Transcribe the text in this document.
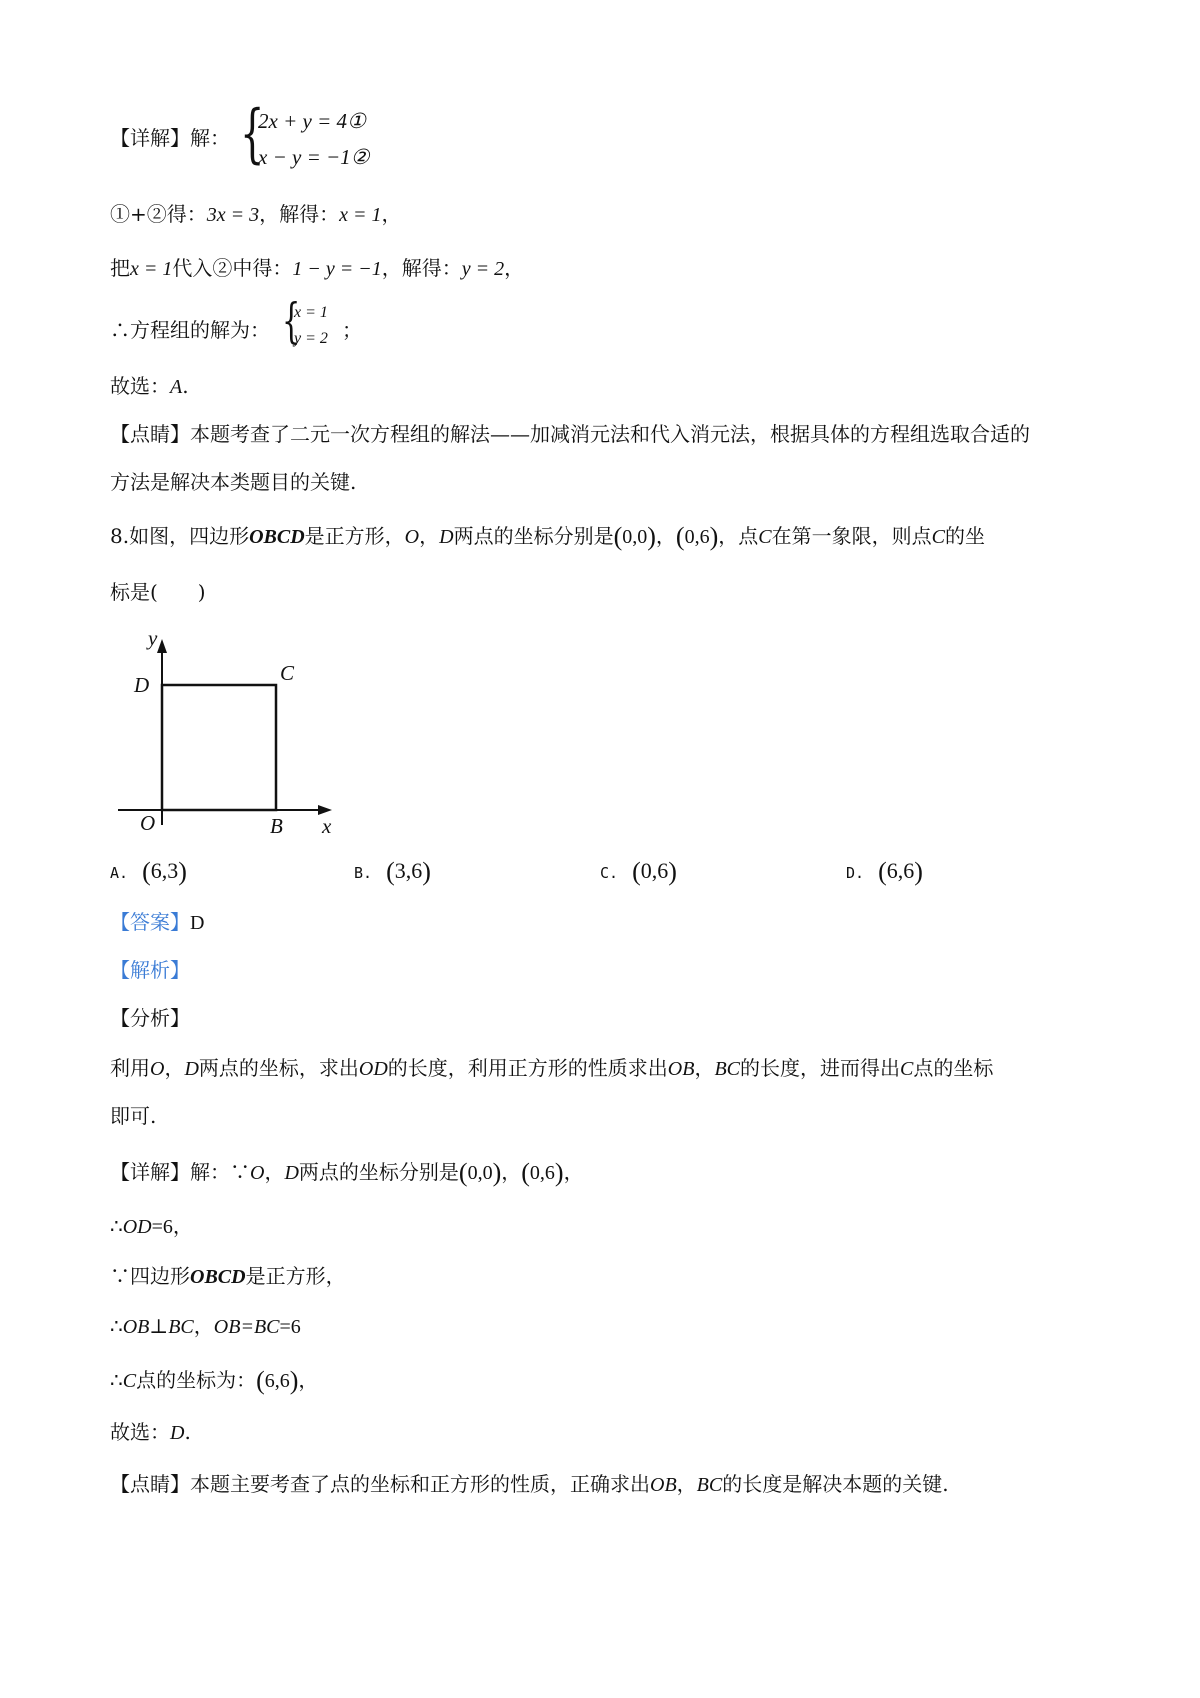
【详解】解： {
2x + y = 4①
x − y = −1②
①+②得：3x = 3，解得：x = 1，
把x = 1代入②中得：1 − y = −1，解得：y = 2，
∴方程组的解为： {
x = 1
y = 2 ；
故选：A.
【点睛】本题考查了二元一次方程组的解法——加减消元法和代入消元法，根据具体的方程组选取合适的
方法是解决本类题目的关键.
8.如图，四边形OBCD是正方形，O，D两点的坐标分别是(0,0)，(0,6)，点C在第一象限，则点C的坐
标是(　　)
y
D	C
O	B x
A. (6,3)	B. (3,6)	C. (0,6)	D. (6,6)
【答案】D
【解析】
【分析】
利用O，D两点的坐标，求出OD的长度，利用正方形的性质求出OB，BC的长度，进而得出C点的坐标
即可.
【详解】解：∵O，D两点的坐标分别是(0,0)，(0,6)，
∴OD=6，
∵四边形OBCD是正方形，
∴OB⊥BC，OB=BC=6
∴C点的坐标为：(6,6)，
故选：D.
【点睛】本题主要考查了点的坐标和正方形的性质，正确求出OB，BC的长度是解决本题的关键.
